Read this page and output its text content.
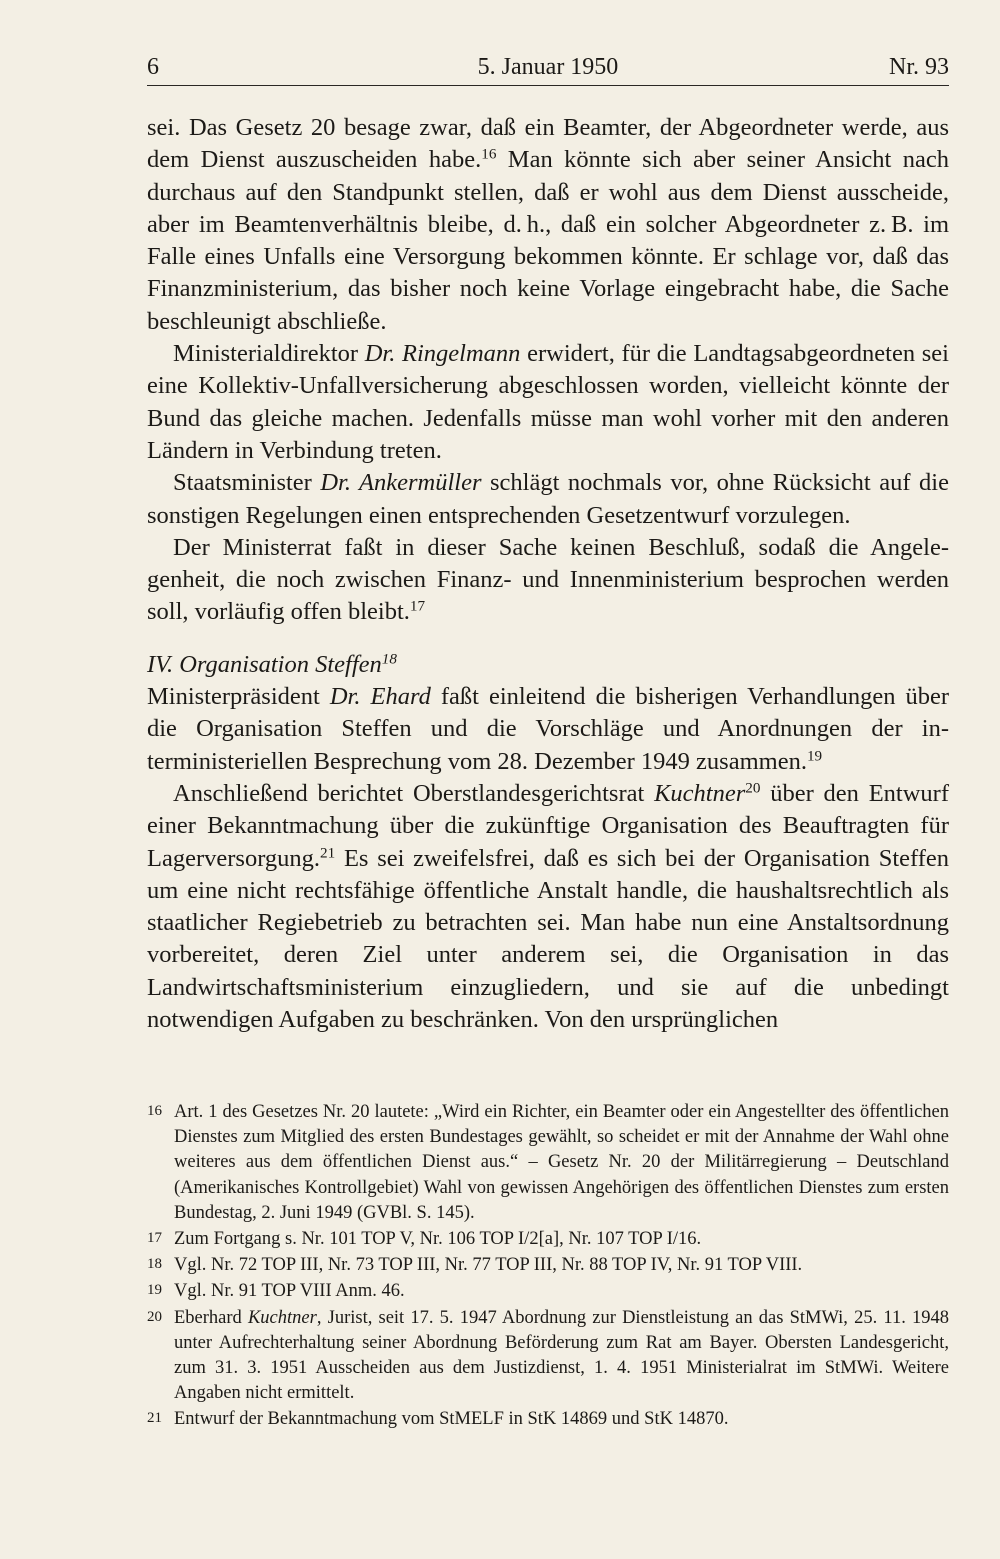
6	5. Januar 1950	Nr. 93

sei. Das Gesetz 20 besage zwar, daß ein Beamter, der Abgeordneter werde, aus dem Dienst auszuscheiden habe.$^{16}$ Man könnte sich aber seiner Ansicht nach durchaus auf den Standpunkt stellen, daß er wohl aus dem Dienst ausscheide, aber im Beamtenverhältnis bleibe, d. h., daß ein solcher Abgeordneter z. B. im Falle eines Unfalls eine Versorgung bekommen könnte. Er schlage vor, daß das Finanzministerium, das bisher noch keine Vorlage eingebracht habe, die Sache beschleunigt abschließe.

Ministerialdirektor Dr. Ringelmann erwidert, für die Landtagsabgeordneten sei eine Kollektiv-Unfallversicherung abgeschlossen worden, vielleicht könnte der Bund das gleiche machen. Jedenfalls müsse man wohl vorher mit den anderen Ländern in Verbindung treten.

Staatsminister Dr. Ankermüller schlägt nochmals vor, ohne Rücksicht auf die sonstigen Regelungen einen entsprechenden Gesetzentwurf vorzulegen.

Der Ministerrat faßt in dieser Sache keinen Beschluß, sodaß die Angelegenheit, die noch zwischen Finanz- und Innenministerium besprochen werden soll, vorläufig offen bleibt.$^{17}$

IV. Organisation Steffen$^{18}$

Ministerpräsident Dr. Ehard faßt einleitend die bisherigen Verhandlungen über die Organisation Steffen und die Vorschläge und Anordnungen der interministeriellen Besprechung vom 28. Dezember 1949 zusammen.$^{19}$

Anschließend berichtet Oberstlandesgerichtsrat Kuchtner$^{20}$ über den Entwurf einer Bekanntmachung über die zukünftige Organisation des Beauftragten für Lagerversorgung.$^{21}$ Es sei zweifelsfrei, daß es sich bei der Organisation Steffen um eine nicht rechtsfähige öffentliche Anstalt handle, die haushaltsrechtlich als staatlicher Regiebetrieb zu betrachten sei. Man habe nun eine Anstaltsordnung vorbereitet, deren Ziel unter anderem sei, die Organisation in das Landwirtschaftsministerium einzugliedern, und sie auf die unbedingt notwendigen Aufgaben zu beschränken. Von den ursprünglichen

16 Art. 1 des Gesetzes Nr. 20 lautete: „Wird ein Richter, ein Beamter oder ein Angestellter des öffentlichen Dienstes zum Mitglied des ersten Bundestages gewählt, so scheidet er mit der Annahme der Wahl ohne weiteres aus dem öffentlichen Dienst aus.“ – Gesetz Nr. 20 der Militärregierung – Deutschland (Amerikanisches Kontrollgebiet) Wahl von gewissen Angehörigen des öffentlichen Dienstes zum ersten Bundestag, 2. Juni 1949 (GVBl. S. 145).
17 Zum Fortgang s. Nr. 101 TOP V, Nr. 106 TOP I/2[a], Nr. 107 TOP I/16.
18 Vgl. Nr. 72 TOP III, Nr. 73 TOP III, Nr. 77 TOP III, Nr. 88 TOP IV, Nr. 91 TOP VIII.
19 Vgl. Nr. 91 TOP VIII Anm. 46.
20 Eberhard Kuchtner, Jurist, seit 17. 5. 1947 Abordnung zur Dienstleistung an das StMWi, 25. 11. 1948 unter Aufrechterhaltung seiner Abordnung Beförderung zum Rat am Bayer. Obersten Landesgericht, zum 31. 3. 1951 Ausscheiden aus dem Justizdienst, 1. 4. 1951 Ministerialrat im StMWi. Weitere Angaben nicht ermittelt.
21 Entwurf der Bekanntmachung vom StMELF in StK 14869 und StK 14870.
